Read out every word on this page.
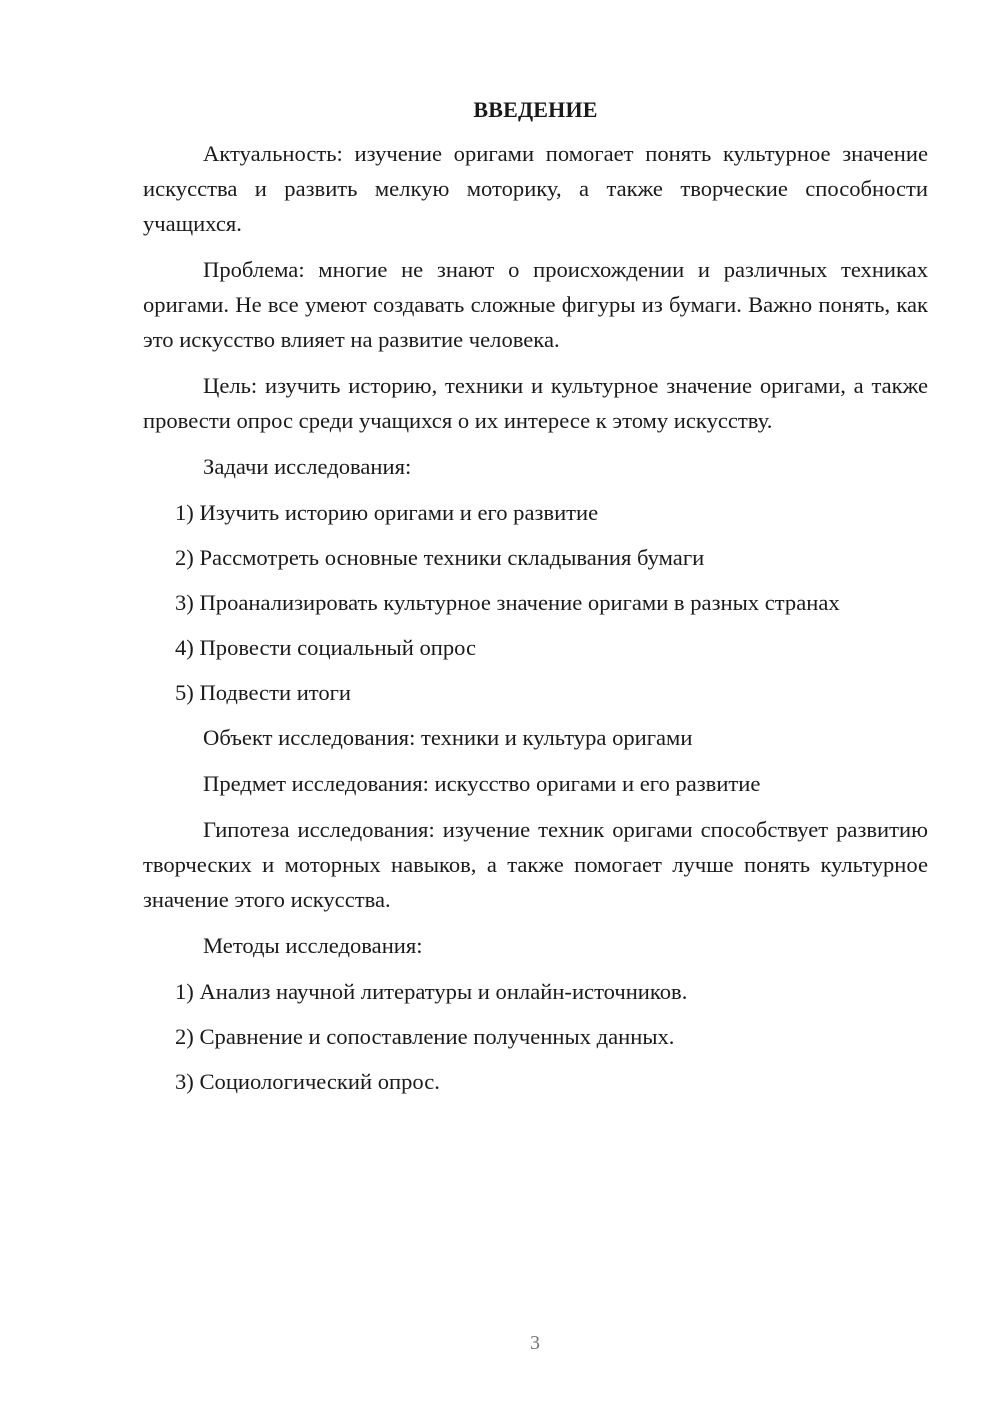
ВВЕДЕНИЕ

Актуальность: изучение оригами помогает понять культурное значение искусства и развить мелкую моторику, а также творческие способности учащихся.

Проблема: многие не знают о происхождении и различных техниках оригами. Не все умеют создавать сложные фигуры из бумаги. Важно понять, как это искусство влияет на развитие человека.

Цель: изучить историю, техники и культурное значение оригами, а также провести опрос среди учащихся о их интересе к этому искусству.

Задачи исследования:
1) Изучить историю оригами и его развитие
2) Рассмотреть основные техники складывания бумаги
3) Проанализировать культурное значение оригами в разных странах
4) Провести социальный опрос
5) Подвести итоги
Объект исследования: техники и культура оригами
Предмет исследования: искусство оригами и его развитие

Гипотеза исследования: изучение техник оригами способствует развитию творческих и моторных навыков, а также помогает лучше понять культурное значение этого искусства.

Методы исследования:
1) Анализ научной литературы и онлайн-источников.
2) Сравнение и сопоставление полученных данных.
3) Социологический опрос.
3
